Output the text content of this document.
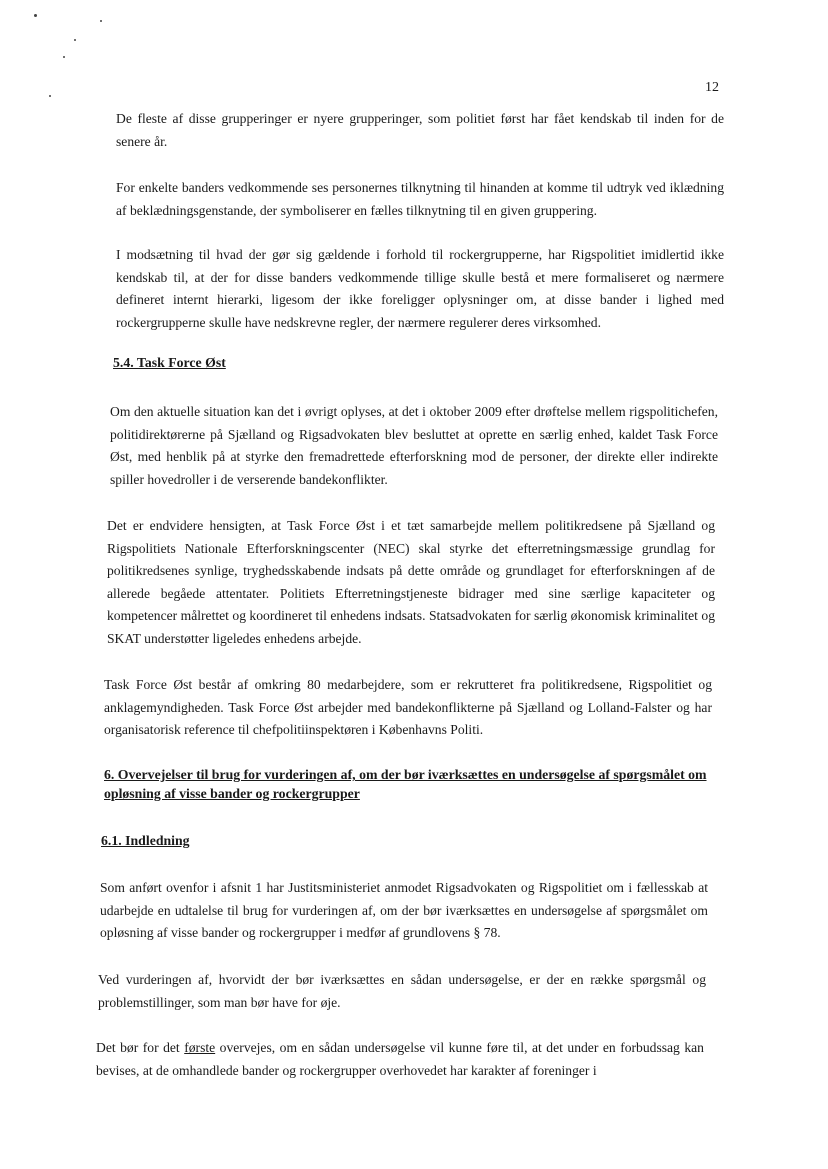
12

De fleste af disse grupperinger er nyere grupperinger, som politiet først har fået kendskab til inden for de senere år.

For enkelte banders vedkommende ses personernes tilknytning til hinanden at komme til udtryk ved iklædning af beklædningsgenstande, der symboliserer en fælles tilknytning til en given gruppering.

I modsætning til hvad der gør sig gældende i forhold til rockergrupperne, har Rigspolitiet imidlertid ikke kendskab til, at der for disse banders vedkommende tillige skulle bestå et mere formaliseret og nærmere defineret internt hierarki, ligesom der ikke foreligger oplysninger om, at disse bander i lighed med rockergrupperne skulle have nedskrevne regler, der nærmere regulerer deres virksomhed.

5.4. Task Force Øst

Om den aktuelle situation kan det i øvrigt oplyses, at det i oktober 2009 efter drøftelse mellem rigspolitichefen, politidirektørerne på Sjælland og Rigsadvokaten blev besluttet at oprette en særlig enhed, kaldet Task Force Øst, med henblik på at styrke den fremadrettede efterforskning mod de personer, der direkte eller indirekte spiller hovedroller i de verserende bandekonflikter.

Det er endvidere hensigten, at Task Force Øst i et tæt samarbejde mellem politikredsene på Sjælland og Rigspolitiets Nationale Efterforskningscenter (NEC) skal styrke det efterretningsmæssige grundlag for politikredsenes synlige, tryghedsskabende indsats på dette område og grundlaget for efterforskningen af de allerede begåede attentater. Politiets Efterretningstjeneste bidrager med sine særlige kapaciteter og kompetencer målrettet og koordineret til enhedens indsats. Statsadvokaten for særlig økonomisk kriminalitet og SKAT understøtter ligeledes enhedens arbejde.

Task Force Øst består af omkring 80 medarbejdere, som er rekrutteret fra politikredsene, Rigspolitiet og anklagemyndigheden. Task Force Øst arbejder med bandekonflikterne på Sjælland og Lolland-Falster og har organisatorisk reference til chefpolitiinspektøren i Københavns Politi.

6. Overvejelser til brug for vurderingen af, om der bør iværksættes en undersøgelse af spørgsmålet om opløsning af visse bander og rockergrupper
6.1. Indledning

Som anført ovenfor i afsnit 1 har Justitsministeriet anmodet Rigsadvokaten og Rigspolitiet om i fællesskab at udarbejde en udtalelse til brug for vurderingen af, om der bør iværksættes en undersøgelse af spørgsmålet om opløsning af visse bander og rockergrupper i medfør af grundlovens § 78.

Ved vurderingen af, hvorvidt der bør iværksættes en sådan undersøgelse, er der en række spørgsmål og problemstillinger, som man bør have for øje.

Det bør for det første overvejes, om en sådan undersøgelse vil kunne føre til, at det under en forbudssag kan bevises, at de omhandlede bander og rockergrupper overhovedet har karakter af foreninger i
